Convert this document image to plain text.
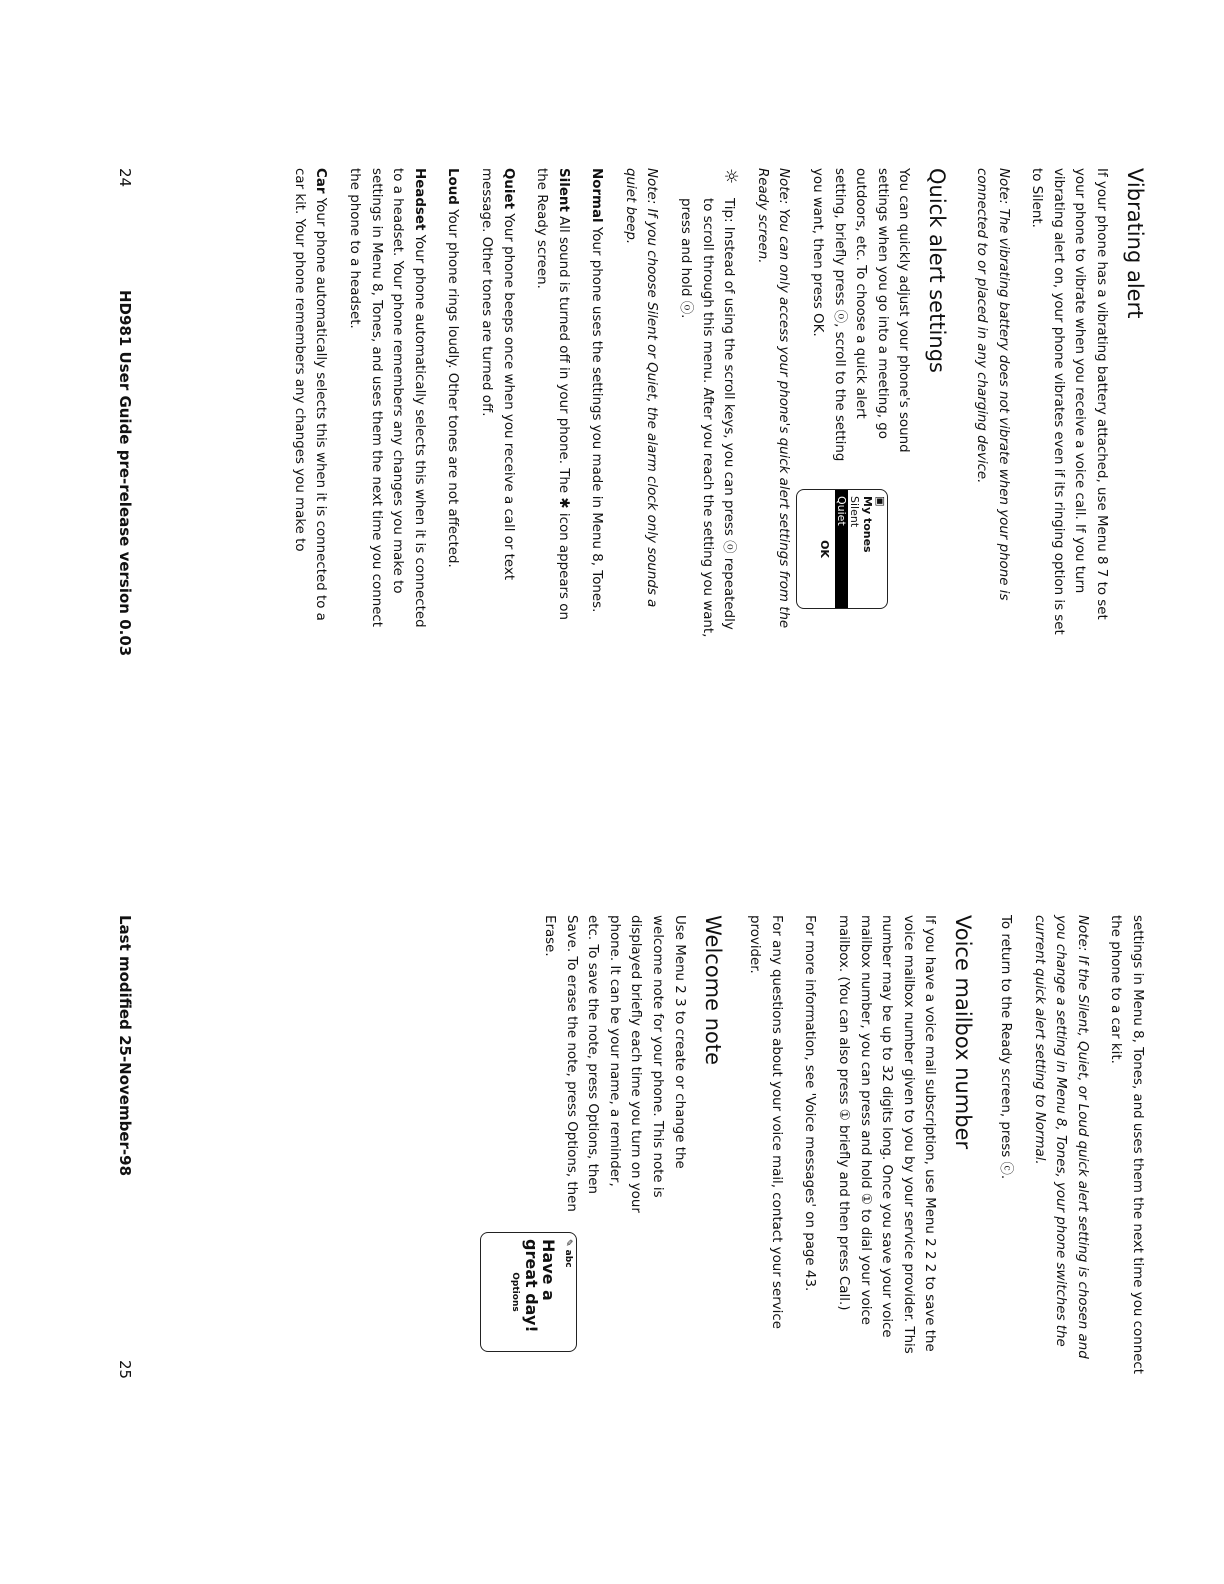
Vibrating alert

If your phone has a vibrating battery attached, use Menu 8 7 to set your phone to vibrate when you receive a voice call. If you turn vibrating alert on, your phone vibrates even if its ringing option is set to Silent.

Note: The vibrating battery does not vibrate when your phone is connected to or placed in any charging device.

Quick alert settings

You can quickly adjust your phone's sound settings when you go into a meeting, go outdoors, etc. To choose a quick alert setting, briefly press ⓞ, scroll to the setting you want, then press OK.

Note: You can only access your phone's quick alert settings from the Ready screen.

☼
Tip: Instead of using the scroll keys, you can press ⓞ repeatedly to scroll through this menu. After you reach the setting you want, press and hold ⓞ.

Note: If you choose Silent or Quiet, the alarm clock only sounds a quiet beep.

Normal Your phone uses the settings you made in Menu 8, Tones.

Silent All sound is turned off in your phone. The ✱ icon appears on the Ready screen.

Quiet Your phone beeps once when you receive a call or text message. Other tones are turned off.

Loud Your phone rings loudly. Other tones are not affected.

Headset Your phone automatically selects this when it is connected to a headset. Your phone remembers any changes you make to settings in Menu 8, Tones, and uses them the next time you connect the phone to a headset.

Car Your phone automatically selects this when it is connected to a car kit. Your phone remembers any changes you make to	▣
My tones
Silent
Quiet
OK
24
HD981 User Guide pre-release version 0.03

settings in Menu 8, Tones, and uses them the next time you connect the phone to a car kit.

Note: If the Silent, Quiet, or Loud quick alert setting is chosen and you change a setting in Menu 8, Tones, your phone switches the current quick alert setting to Normal.

To return to the Ready screen, press ⓒ.

Voice mailbox number

If you have a voice mail subscription, use Menu 2 2 2 to save the voice mailbox number given to you by your service provider. This number may be up to 32 digits long. Once you save your voice mailbox number, you can press and hold ① to dial your voice mailbox. (You can also press ① briefly and then press Call.)

For more information, see 'Voice messages' on page 43.

For any questions about your voice mail, contact your service provider.

Welcome note

Use Menu 2 3 to create or change the welcome note for your phone. This note is displayed briefly each time you turn on your phone. It can be your name, a reminder, etc. To save the note, press Options, then Save. To erase the note, press Options, then Erase.

✎ abc
Have a great day!
Options
Last modified 25-November-98
25
